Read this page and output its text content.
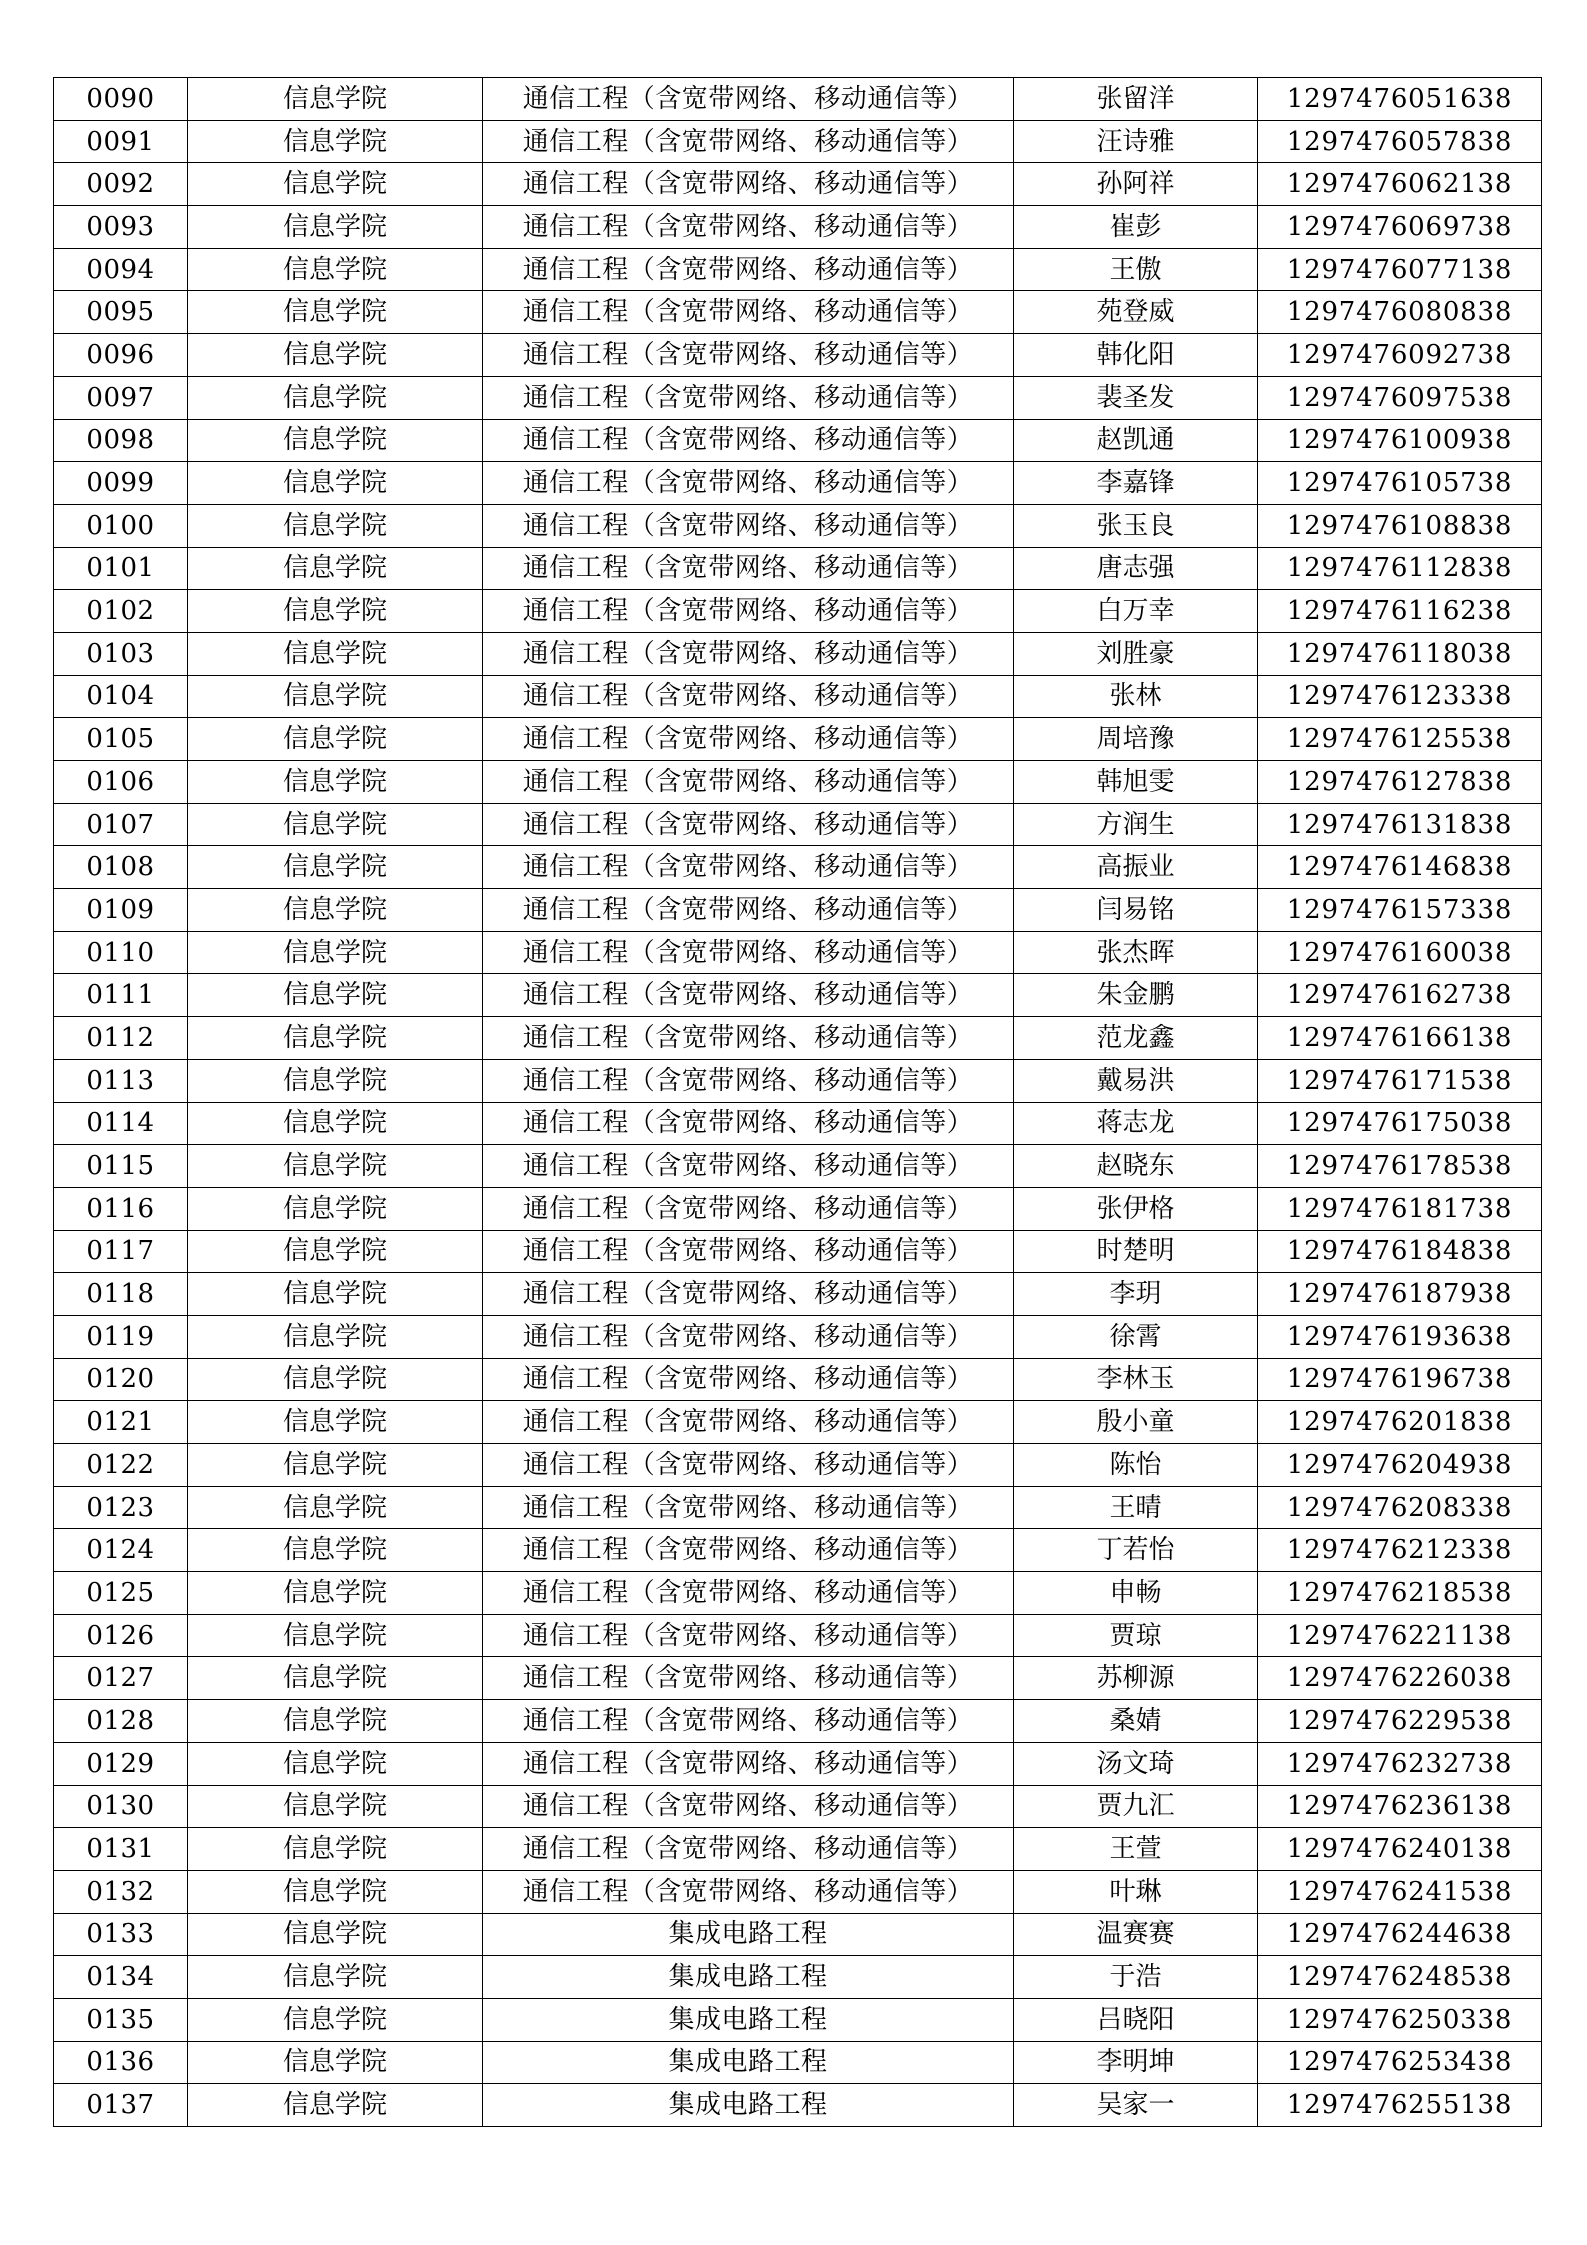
0090	信息学院	通信工程（含宽带网络、移动通信等）	张留洋	1297476051638
0091	信息学院	通信工程（含宽带网络、移动通信等）	汪诗雅	1297476057838
0092	信息学院	通信工程（含宽带网络、移动通信等）	孙阿祥	1297476062138
0093	信息学院	通信工程（含宽带网络、移动通信等）	崔彭	1297476069738
0094	信息学院	通信工程（含宽带网络、移动通信等）	王傲	1297476077138
0095	信息学院	通信工程（含宽带网络、移动通信等）	苑登威	1297476080838
0096	信息学院	通信工程（含宽带网络、移动通信等）	韩化阳	1297476092738
0097	信息学院	通信工程（含宽带网络、移动通信等）	裴圣发	1297476097538
0098	信息学院	通信工程（含宽带网络、移动通信等）	赵凯通	1297476100938
0099	信息学院	通信工程（含宽带网络、移动通信等）	李嘉锋	1297476105738
0100	信息学院	通信工程（含宽带网络、移动通信等）	张玉良	1297476108838
0101	信息学院	通信工程（含宽带网络、移动通信等）	唐志强	1297476112838
0102	信息学院	通信工程（含宽带网络、移动通信等）	白万幸	1297476116238
0103	信息学院	通信工程（含宽带网络、移动通信等）	刘胜豪	1297476118038
0104	信息学院	通信工程（含宽带网络、移动通信等）	张林	1297476123338
0105	信息学院	通信工程（含宽带网络、移动通信等）	周培豫	1297476125538
0106	信息学院	通信工程（含宽带网络、移动通信等）	韩旭雯	1297476127838
0107	信息学院	通信工程（含宽带网络、移动通信等）	方润生	1297476131838
0108	信息学院	通信工程（含宽带网络、移动通信等）	高振业	1297476146838
0109	信息学院	通信工程（含宽带网络、移动通信等）	闫易铭	1297476157338
0110	信息学院	通信工程（含宽带网络、移动通信等）	张杰晖	1297476160038
0111	信息学院	通信工程（含宽带网络、移动通信等）	朱金鹏	1297476162738
0112	信息学院	通信工程（含宽带网络、移动通信等）	范龙鑫	1297476166138
0113	信息学院	通信工程（含宽带网络、移动通信等）	戴易洪	1297476171538
0114	信息学院	通信工程（含宽带网络、移动通信等）	蒋志龙	1297476175038
0115	信息学院	通信工程（含宽带网络、移动通信等）	赵晓东	1297476178538
0116	信息学院	通信工程（含宽带网络、移动通信等）	张伊格	1297476181738
0117	信息学院	通信工程（含宽带网络、移动通信等）	时楚明	1297476184838
0118	信息学院	通信工程（含宽带网络、移动通信等）	李玥	1297476187938
0119	信息学院	通信工程（含宽带网络、移动通信等）	徐霄	1297476193638
0120	信息学院	通信工程（含宽带网络、移动通信等）	李林玉	1297476196738
0121	信息学院	通信工程（含宽带网络、移动通信等）	殷小童	1297476201838
0122	信息学院	通信工程（含宽带网络、移动通信等）	陈怡	1297476204938
0123	信息学院	通信工程（含宽带网络、移动通信等）	王晴	1297476208338
0124	信息学院	通信工程（含宽带网络、移动通信等）	丁若怡	1297476212338
0125	信息学院	通信工程（含宽带网络、移动通信等）	申畅	1297476218538
0126	信息学院	通信工程（含宽带网络、移动通信等）	贾琼	1297476221138
0127	信息学院	通信工程（含宽带网络、移动通信等）	苏柳源	1297476226038
0128	信息学院	通信工程（含宽带网络、移动通信等）	桑婧	1297476229538
0129	信息学院	通信工程（含宽带网络、移动通信等）	汤文琦	1297476232738
0130	信息学院	通信工程（含宽带网络、移动通信等）	贾九汇	1297476236138
0131	信息学院	通信工程（含宽带网络、移动通信等）	王萱	1297476240138
0132	信息学院	通信工程（含宽带网络、移动通信等）	叶琳	1297476241538
0133	信息学院	集成电路工程	温赛赛	1297476244638
0134	信息学院	集成电路工程	于浩	1297476248538
0135	信息学院	集成电路工程	吕晓阳	1297476250338
0136	信息学院	集成电路工程	李明坤	1297476253438
0137	信息学院	集成电路工程	吴家一	1297476255138
